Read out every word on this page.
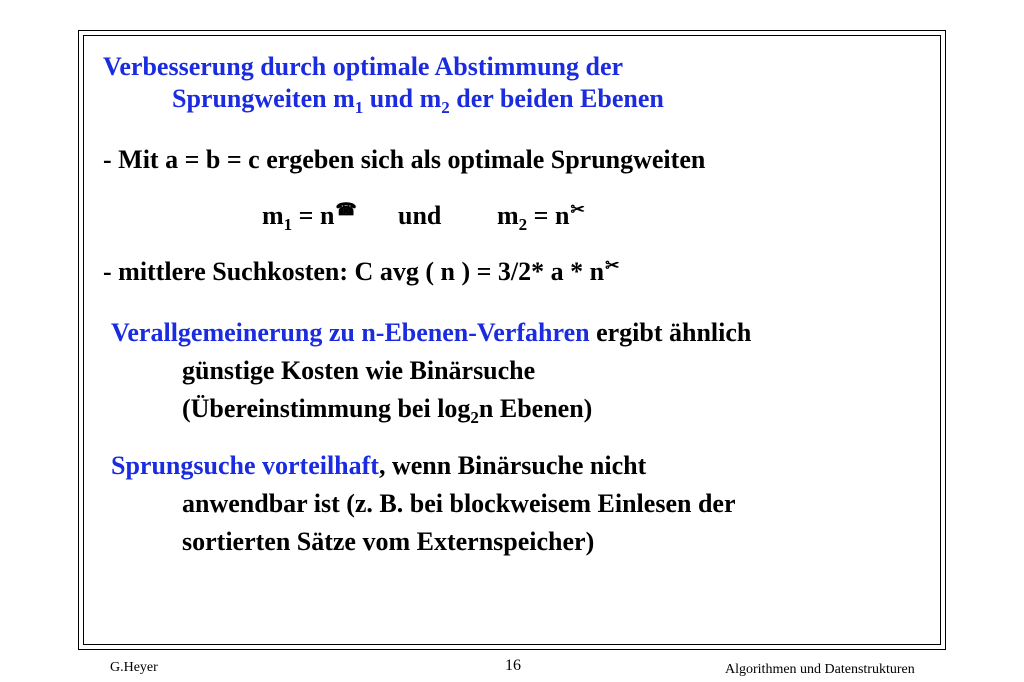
Verbesserung durch optimale Abstimmung der
Sprungweiten $m_1$ und $m_2$ der beiden Ebenen
- Mit a = b = c ergeben sich als optimale Sprungweiten
$m_1$ = n☎ und $m_2$ = n✂
- mittlere Suchkosten: C avg ( n ) = 3/2* a * n✂
Verallgemeinerung zu n-Ebenen-Verfahren ergibt ähnlich
günstige Kosten wie Binärsuche
(Übereinstimmung bei $\log_2n$ Ebenen)
Sprungsuche vorteilhaft, wenn Binärsuche nicht
anwendbar ist (z. B. bei blockweisem Einlesen der
sortierten Sätze vom Externspeicher)
G.Heyer	16	Algorithmen und Datenstrukturen
